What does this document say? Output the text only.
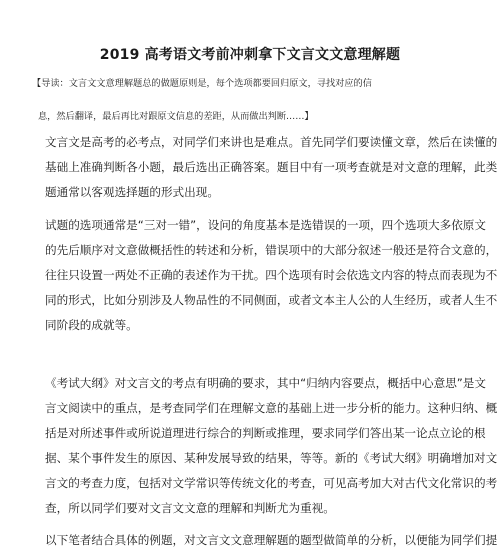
2019 高考语文考前冲刺拿下文言文文意理解题
【导读：文言文文意理解题总的做题原则是，每个选项都要回归原文，寻找对应的信
息，然后翻译，最后再比对跟原文信息的差距，从而做出判断……】
文言文是高考的必考点，对同学们来讲也是难点。首先同学们要读懂文章，然后在读懂的
基础上准确判断各小题，最后选出正确答案。题目中有一项考查就是对文意的理解，此类
题通常以客观选择题的形式出现。
试题的选项通常是“三对一错”，设问的角度基本是选错误的一项，四个选项大多依原文
的先后顺序对文意做概括性的转述和分析，错误项中的大部分叙述一般还是符合文意的，
往往只设置一两处不正确的表述作为干扰。四个选项有时会依选文内容的特点而表现为不
同的形式，比如分别涉及人物品性的不同侧面，或者文本主人公的人生经历，或者人生不
同阶段的成就等。
《考试大纲》对文言文的考点有明确的要求，其中“归纳内容要点，概括中心意思”是文
言文阅读中的重点，是考查同学们在理解文意的基础上进一步分析的能力。这种归纳、概
括是对所述事件或所说道理进行综合的判断或推理，要求同学们答出某一论点立论的根
据、某个事件发生的原因、某种发展导致的结果，等等。新的《考试大纲》明确增加对文
言文的考查力度，包括对文学常识等传统文化的考查，可见高考加大对古代文化常识的考
查，所以同学们要对文言文文意的理解和判断尤为重视。
以下笔者结合具体的例题，对文言文文意理解题的题型做简单的分析，以便能为同学们提
